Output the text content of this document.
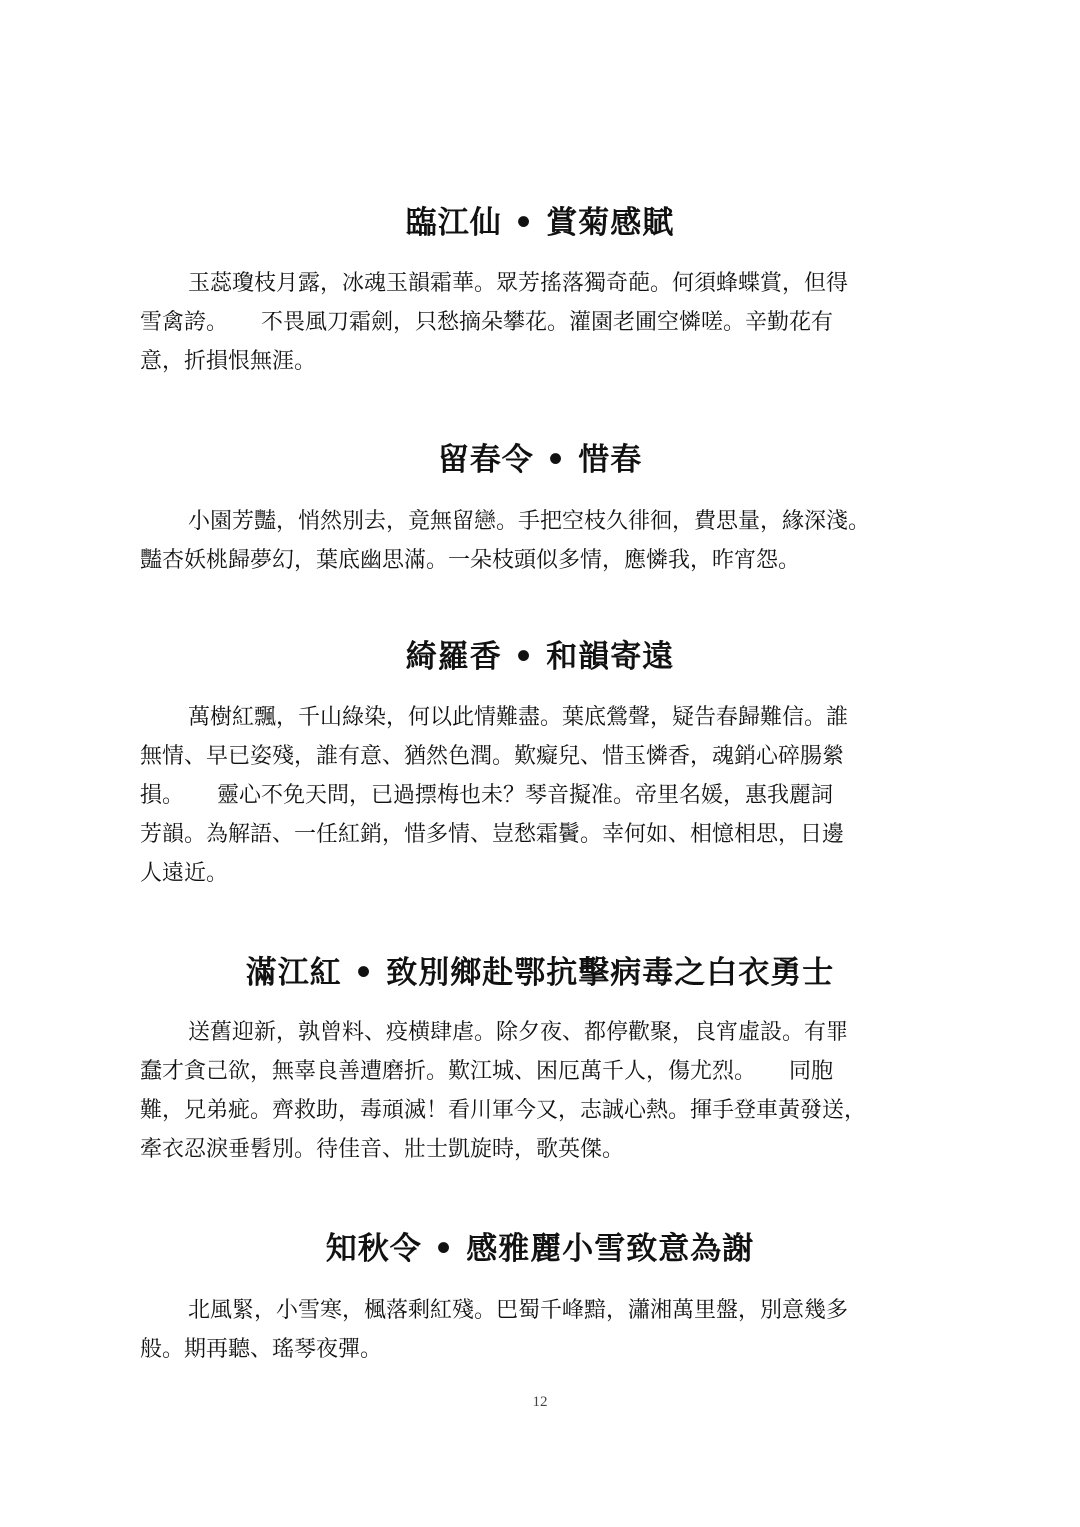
臨江仙 • 賞菊感賦
玉蕊瓊枝月露，冰魂玉韻霜華。眾芳搖落獨奇葩。何須蜂蝶賞，但得
雪禽誇。　　不畏風刀霜劍，只愁摘朵攀花。灌園老圃空憐嗟。辛勤花有
意，折損恨無涯。
留春令 • 惜春
小園芳豔，悄然別去，竟無留戀。手把空枝久徘徊，費思量，緣深淺。
豔杏妖桃歸夢幻，葉底幽思滿。一朵枝頭似多情，應憐我，昨宵怨。
綺羅香 • 和韻寄遠
萬樹紅飄，千山綠染，何以此情難盡。葉底鶯聲，疑告春歸難信。誰
無情、早已姿殘，誰有意、猶然色潤。歎癡兒、惜玉憐香，魂銷心碎腸縈
損。　　靈心不免天問，已過摽梅也未？琴音擬准。帝里名媛，惠我麗詞
芳韻。為解語、一任紅銷，惜多情、豈愁霜鬢。幸何如、相憶相思，日邊
人遠近。
滿江紅 • 致別鄉赴鄂抗擊病毒之白衣勇士
送舊迎新，孰曾料、疫横肆虐。除夕夜、都停歡聚，良宵虛設。有罪
蠢才貪己欲，無辜良善遭磨折。歎江城、困厄萬千人，傷尤烈。　　同胞
難，兄弟疵。齊救助，毒頑滅！看川軍今又，志誠心熱。揮手登車黃發送，
牽衣忍淚垂髫別。待佳音、壯士凱旋時，歌英傑。
知秋令 • 感雅麗小雪致意為謝
北風緊，小雪寒，楓落剩紅殘。巴蜀千峰黯，瀟湘萬里盤，別意幾多
般。期再聽、瑤琴夜彈。
12
